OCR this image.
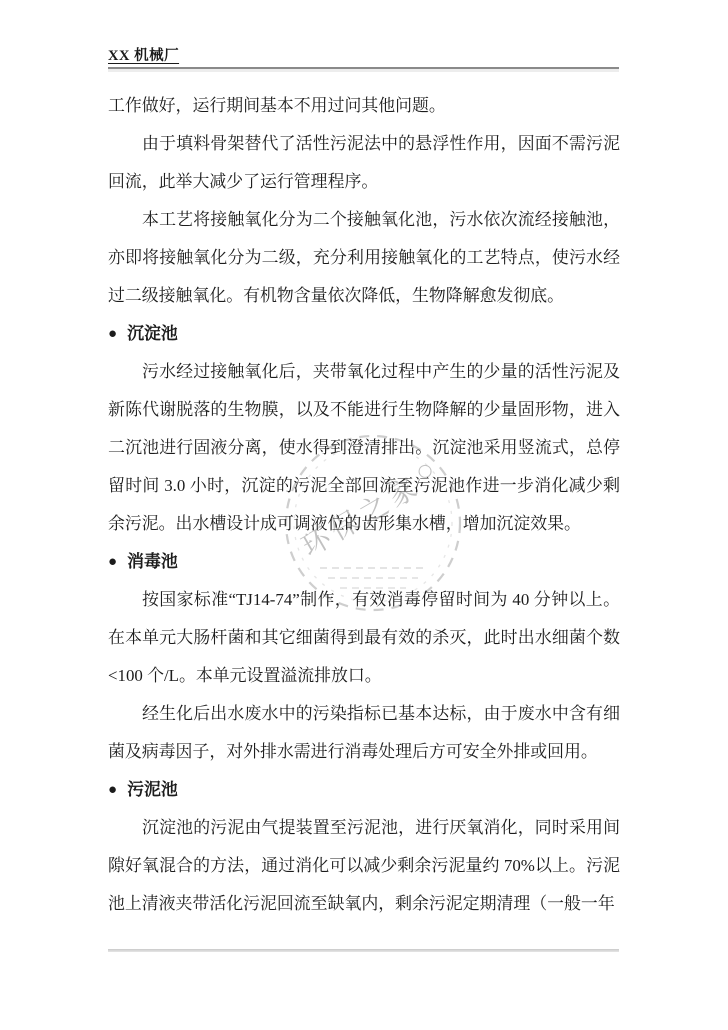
XX 机械厂
环保之家
工作做好，运行期间基本不用过问其他问题。
由于填料骨架替代了活性污泥法中的悬浮性作用，因面不需污泥
回流，此举大减少了运行管理程序。
本工艺将接触氧化分为二个接触氧化池，污水依次流经接触池，
亦即将接触氧化分为二级，充分利用接触氧化的工艺特点，使污水经
过二级接触氧化。有机物含量依次降低，生物降解愈发彻底。
● 沉淀池
污水经过接触氧化后，夹带氧化过程中产生的少量的活性污泥及
新陈代谢脱落的生物膜，以及不能进行生物降解的少量固形物，进入
二沉池进行固液分离，使水得到澄清排出。沉淀池采用竖流式，总停
留时间 3.0 小时，沉淀的污泥全部回流至污泥池作进一步消化减少剩
余污泥。出水槽设计成可调液位的齿形集水槽，增加沉淀效果。
● 消毒池
按国家标准“TJ14-74”制作，有效消毒停留时间为 40 分钟以上。
在本单元大肠杆菌和其它细菌得到最有效的杀灭，此时出水细菌个数
<100 个/L。本单元设置溢流排放口。
经生化后出水废水中的污染指标已基本达标，由于废水中含有细
菌及病毒因子，对外排水需进行消毒处理后方可安全外排或回用。
● 污泥池
沉淀池的污泥由气提装置至污泥池，进行厌氧消化，同时采用间
隙好氧混合的方法，通过消化可以减少剩余污泥量约 70%以上。污泥
池上清液夹带活化污泥回流至缺氧内，剩余污泥定期清理（一般一年
